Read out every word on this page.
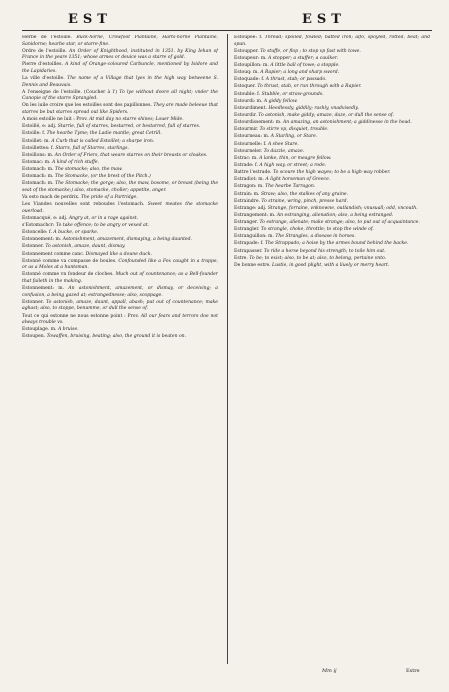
EST	EST

Herbe de l'estoille. Buck-horne, Crowfoot Plantaine, Harts-horne Plantaine, Sanidorne; hearbe star, or starre-fine.

Ordre de l'estoille. An Order of Knighthood, instituted in 1351. by King Iehan of France in the yeare 1351; whose armes or deuice was a starre of gold.

Pierre d'estoilles. A kind of Orange-coloured Carbuncle, mentioned by Isidore and the Lapidaries.

La ville d'estoille. The name of a Village that lyes in the high way betweene S. Dennis and Beauvais.

A l'enseigne de l'estoille. (Coucher à l') To lye without doore all night; vnder the Canopie of the starre Sprangled.

On les iuile croire que les estoilles sont des papillonnes. They are made beleeue that starres be but starres spread out like Spiders.

A mois estoille ne luit : Prov. At mid day no starre shines; Louer Mide.

Estoillé, e: adj. Starrie, full of starres, bestarred, or bestarred, full of starres.

Estoille: f. The hearbe Tyme; the Ladie mantle; great Cetrill.

Estoillet: m. A Curb that is called Estoillet; a sharpe iron.

Estoillettes: f. Starrs, full of Starres, starlings.

Estoillons: m. An Order of Friers, that weare starres on their breasts or cloakes.

Estomac: m. A kind of rich stuffe.

Estomach: m. The stomacke; also, the maw.

Estomach: m. The Stomacke, (or the brest of the Pitch.)

Estomach: m. The Stomacke; the gorge; also, the maw, bosome, or breast (being the seat of the stomacke;) also, stomacke, choller; appetite, anger.

Va esto mach de perdrix. The pride of a Partridge.

Les Viandes nouvelles sont reboudes l'estomach. Sweet meates the stomacke ouerload.

Estomacqué, e: adj. Angry at, or in a rage against.

s'Estomachcr: To take offence; to be angry or vexed at.

Estoncelle: f. A bucke, or sparke.

Estonnement: m. Astonishment, amazement, dismaying, a being daunted.

Estonner. To astonish, amaze, daunt, dismay.

Estonnement comme canc. Dismayed like a doune duck.

Estonné comme va compasse de boules. Confounded like a Fox caught in a trappe, or as a Moles at a huntsman.

Estonné comme vn fondeur de cloches. Much out of countenance; as a Bell-founder that faileth in the making.

Estonnement: m. An astonishment, amazement, or dismay, or deceiving; a confusion, a being gazed at; estrangednesse; also, scoppage.

Estonner. To astonish, amaze, daunt, appall, abash; put out of countenance; make aghast; also, to stoppe, benumme, or dull the sense of.

Tout ce qui estonne ne nous estonne point : Prov. All our fears and terrors doe not always trouble vs.

Estouplage. m. A bruise.

Estoupen. Towaffen, bruising, beating; also, the ground it is beaten on.

Estoupée: f. Thread; spoiled, fowled; batted iron; alfo, spoyled, rotted, beat; and spun.

Estoupper. To stuffe, or flop ; to stop vp fast with towe.

Estoupeur: m. A stopper; a stuffer; a caulker.

Estoupillon: m. A little ball of towe; a stopple.

Estouq: m. A Rapier; a long and sharp sword.

Estoquade: f. A thrust, stab; or passado.

Estoquer. To thrust, stab, or run through with a Rapier.

Estouble: f. Stubble, or straw-grounds.

Estourdi: m. A giddy fellow.

Estourdiment. Heedlessly, giddily; rashly, vnadvisedly.

Estourdir. To astonish, make giddy; amaze, daze, or dull the sense of.

Estourdissement: m. An amazing, an astonishment; a giddinesse in the head.

Estourmir. To stirre vp, disquiet, trouble.

Estourneau: m. A Starling, or Stare.

Estournelle: f. A shee Stare.

Estourneler. To dazzle, amaze.

Estrac: m. A lanke, thin, or meagre fellow.

Estrade: f. A high way, or street; a rode.

Battre l'estrade. To scoure the high wayes; to be a high-way robber.

Estradiot: m. A light horseman of Greece.

Estragon: m. The hearbe Tarragon.

Estrain: m. Straw; also, the stalkes of any graine.

Estraindre. To straine, wring, pinch, presse hard.

Estrange: adj. Strange, forraine, vnknowne, outlandish; vnusuall; odd, vncouth.

Estrangement: m. An estranging, alienation; also, a being estranged.

Estranger. To estrange, alienate; make strange; also, to put out of acquaintance.

Estrangler. To strangle, choke, throttle; to stop the winde of.

Estranguillon: m. The Strangles, a disease in horses.

Estrapade: f. The Strappado; a hoise by the armes bound behind the backe.

Estrapasser. To ride a horse beyond his strength; to toile him out.

Estre. To be; to exist; also, to be at; also, to belong, pertaine vnto.

De bonne estre. Lustie, in good plight, with a liuely or merry heart.

Mm ij	Estre
